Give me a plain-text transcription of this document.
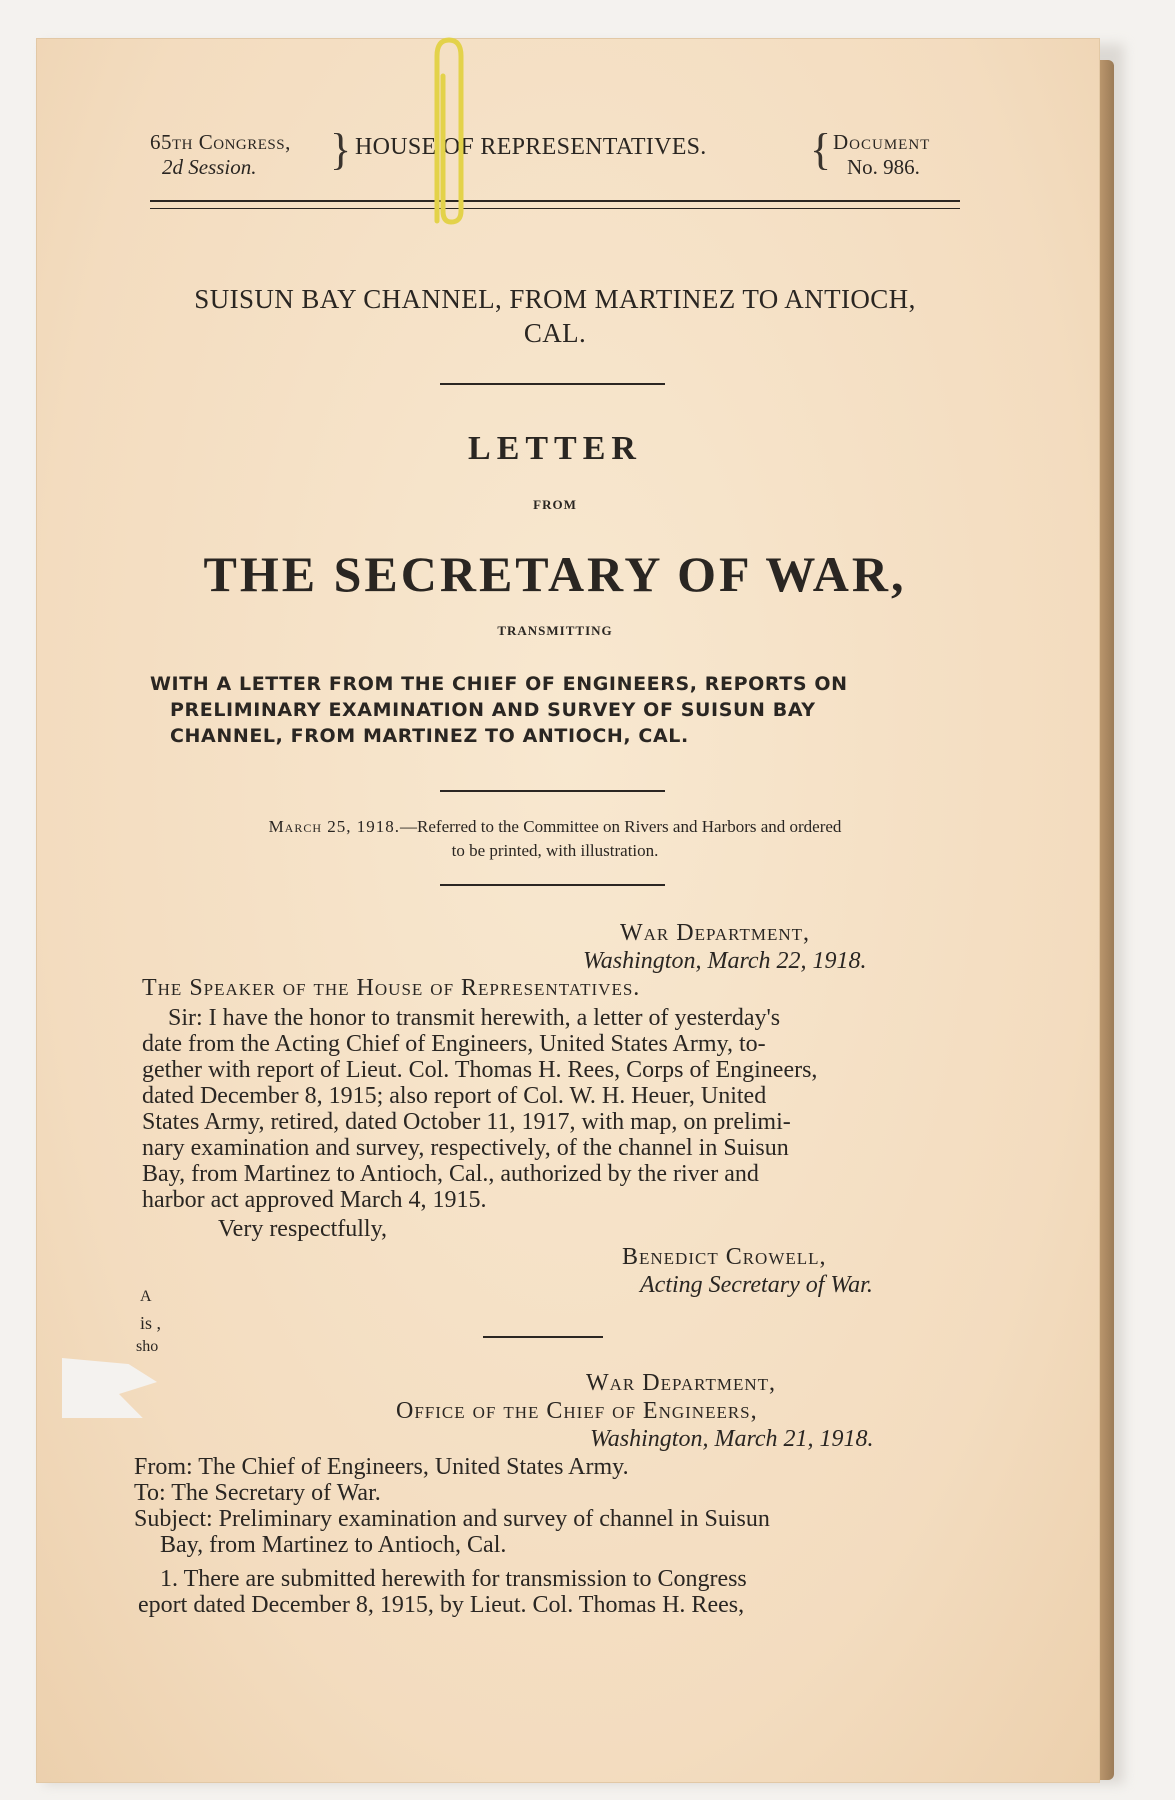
65th Congress,
2d Session.	} HOUSE OF REPRESENTATIVES. { Document
No. 986.
SUISUN BAY CHANNEL, FROM MARTINEZ TO ANTIOCH,
CAL.
LETTER
FROM
THE SECRETARY OF WAR,
TRANSMITTING
WITH A LETTER FROM THE CHIEF OF ENGINEERS, REPORTS ON
PRELIMINARY EXAMINATION AND SURVEY OF SUISUN BAY
CHANNEL, FROM MARTINEZ TO ANTIOCH, CAL.
March 25, 1918.—Referred to the Committee on Rivers and Harbors and ordered
to be printed, with illustration.
War Department,
Washington, March 22, 1918.
The Speaker of the House of Representatives.
Sir: I have the honor to transmit herewith, a letter of yesterday's
date from the Acting Chief of Engineers, United States Army, to-
gether with report of Lieut. Col. Thomas H. Rees, Corps of Engineers,
dated December 8, 1915; also report of Col. W. H. Heuer, United
States Army, retired, dated October 11, 1917, with map, on prelimi-
nary examination and survey, respectively, of the channel in Suisun
Bay, from Martinez to Antioch, Cal., authorized by the river and
harbor act approved March 4, 1915.
Very respectfully,
Benedict Crowell,
Acting Secretary of War.
A
is ,
sho
War Department,
Office of the Chief of Engineers,
Washington, March 21, 1918.
From: The Chief of Engineers, United States Army.
To: The Secretary of War.
Subject: Preliminary examination and survey of channel in Suisun
Bay, from Martinez to Antioch, Cal.
1. There are submitted herewith for transmission to Congress
eport dated December 8, 1915, by Lieut. Col. Thomas H. Rees,
